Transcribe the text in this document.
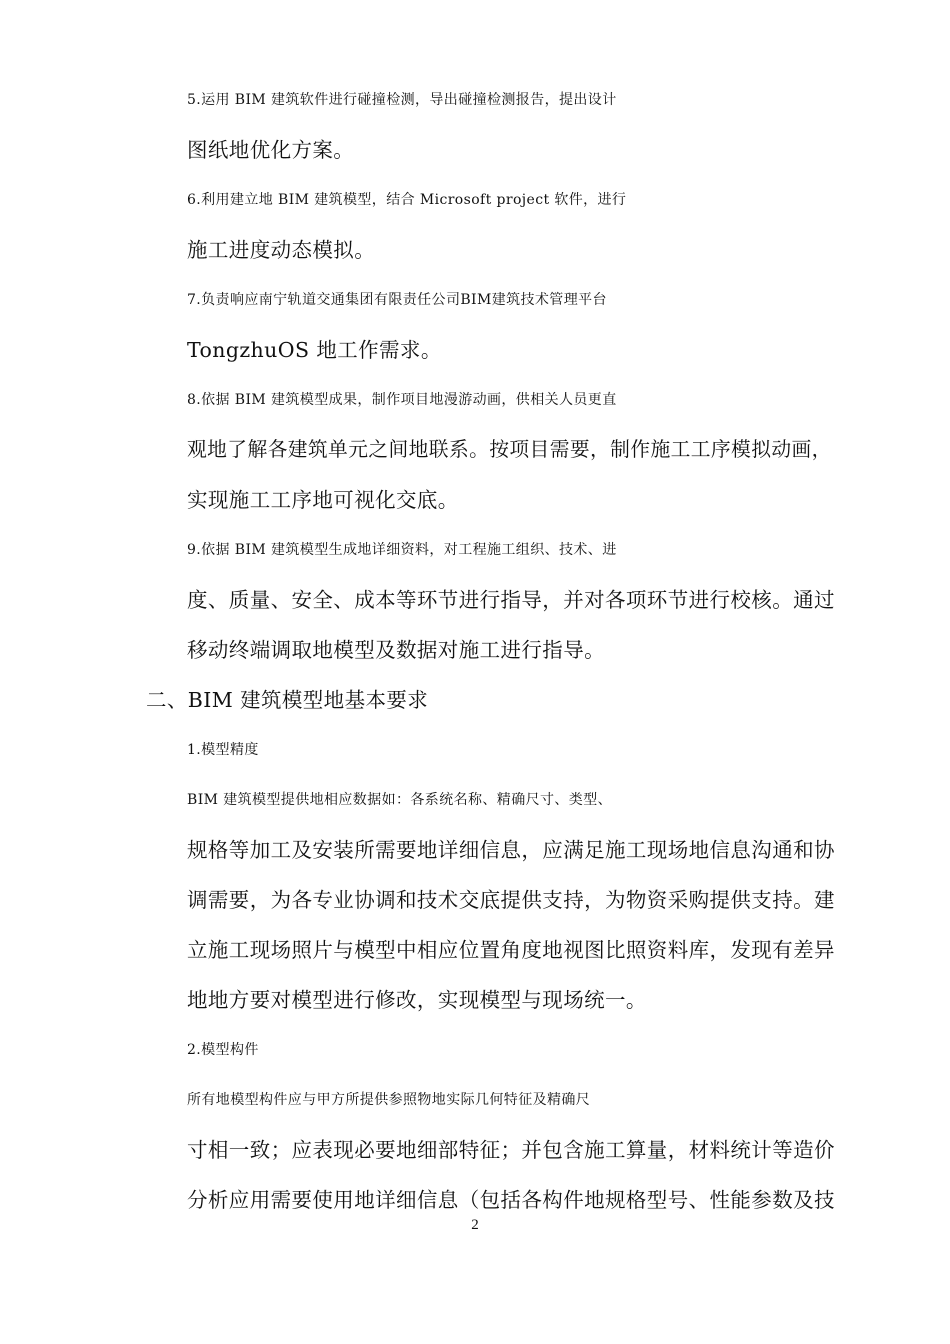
5.运用 BIM 建筑软件进行碰撞检测，导出碰撞检测报告，提出设计
图纸地优化方案。

6.利用建立地 BIM 建筑模型，结合 Microsoft project 软件，进行
施工进度动态模拟。

7.负责响应南宁轨道交通集团有限责任公司BIM建筑技术管理平台
TongzhuOS 地工作需求。

8.依据 BIM 建筑模型成果，制作项目地漫游动画，供相关人员更直
观地了解各建筑单元之间地联系。按项目需要，制作施工工序模拟动画，
实现施工工序地可视化交底。

9.依据 BIM 建筑模型生成地详细资料，对工程施工组织、技术、进
度、质量、安全、成本等环节进行指导，并对各项环节进行校核。通过
移动终端调取地模型及数据对施工进行指导。

二、BIM 建筑模型地基本要求

1.模型精度

BIM 建筑模型提供地相应数据如：各系统名称、精确尺寸、类型、
规格等加工及安装所需要地详细信息，应满足施工现场地信息沟通和协
调需要，为各专业协调和技术交底提供支持，为物资采购提供支持。建
立施工现场照片与模型中相应位置角度地视图比照资料库，发现有差异
地地方要对模型进行修改，实现模型与现场统一。

2.模型构件

所有地模型构件应与甲方所提供参照物地实际几何特征及精确尺
寸相一致；应表现必要地细部特征；并包含施工算量，材料统计等造价
分析应用需要使用地详细信息（包括各构件地规格型号、性能参数及技

2
